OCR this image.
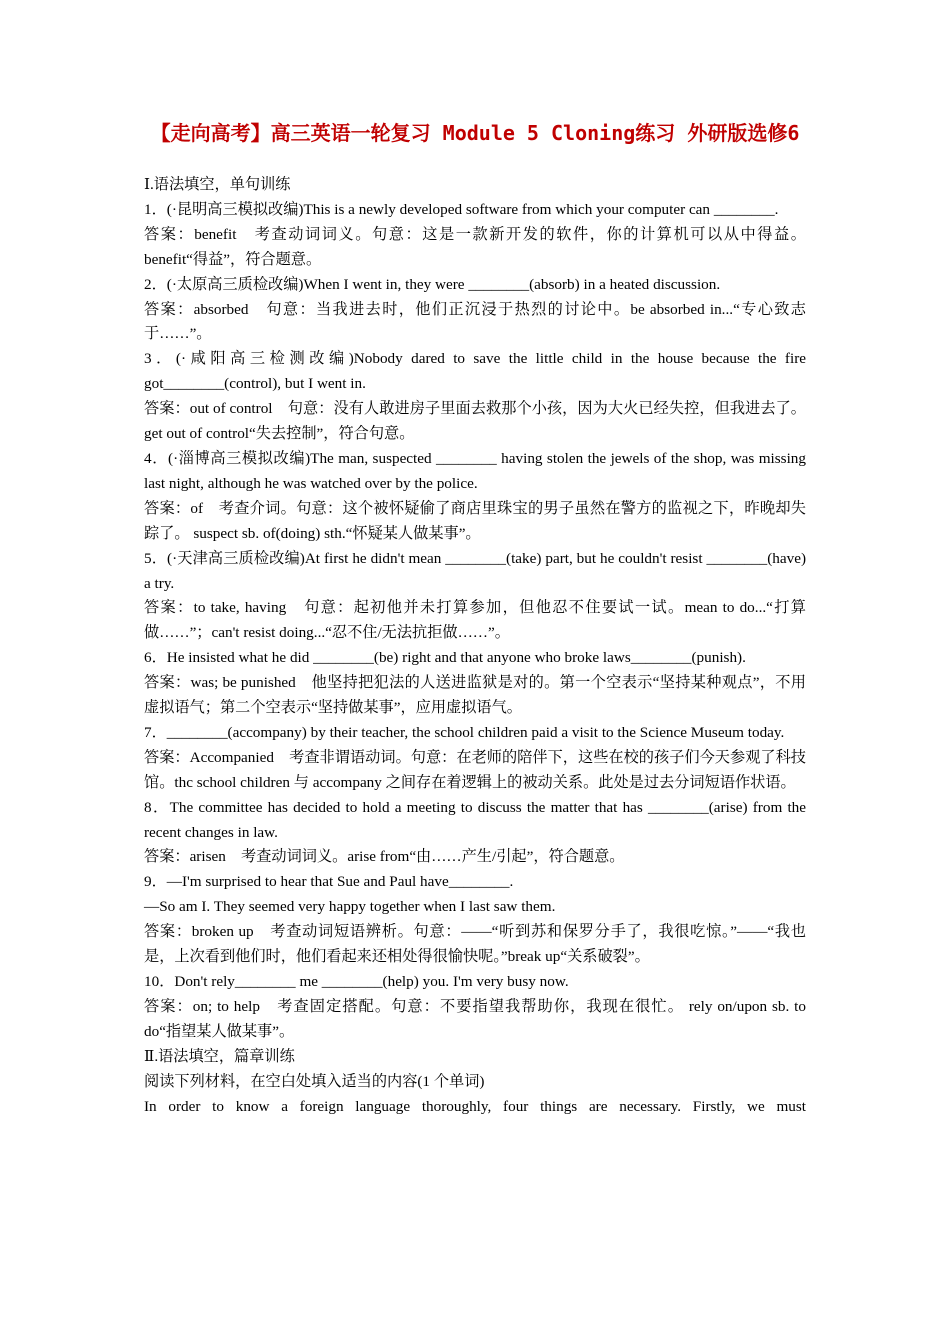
【走向高考】高三英语一轮复习 Module 5 Cloning练习 外研版选修6

Ⅰ.语法填空，单句训练

1．(·昆明高三模拟改编)This is a newly developed software from which your computer can ________.

答案：benefit　考查动词词义。句意：这是一款新开发的软件，你的计算机可以从中得益。benefit“得益”，符合题意。

2．(·太原高三质检改编)When I went in, they were ________(absorb) in a heated discussion.

答案：absorbed　句意：当我进去时，他们正沉浸于热烈的讨论中。be absorbed in...“专心致志于……”。

3．(·咸阳高三检测改编)Nobody dared to save the little child in the house because the fire got________(control), but I went in.

答案：out of control　句意：没有人敢进房子里面去救那个小孩，因为大火已经失控，但我进去了。get out of control“失去控制”，符合句意。

4．(·淄博高三模拟改编)The man, suspected ________ having stolen the jewels of the shop, was missing last night, although he was watched over by the police.

答案：of　考查介词。句意：这个被怀疑偷了商店里珠宝的男子虽然在警方的监视之下，昨晚却失踪了。 suspect sb. of(doing) sth.“怀疑某人做某事”。

5．(·天津高三质检改编)At first he didn't mean ________(take) part, but he couldn't resist ________(have) a try.

答案：to take, having　句意：起初他并未打算参加，但他忍不住要试一试。mean to do...“打算做……”；can't resist doing...“忍不住/无法抗拒做……”。

6．He insisted what he did ________(be) right and that anyone who broke laws________(punish).

答案：was; be punished　他坚持把犯法的人送进监狱是对的。第一个空表示“坚持某种观点”，不用虚拟语气；第二个空表示“坚持做某事”，应用虚拟语气。

7．________(accompany) by their teacher, the school children paid a visit to the Science Museum today.

答案：Accompanied　考查非谓语动词。句意：在老师的陪伴下，这些在校的孩子们今天参观了科技馆。thc school children 与 accompany 之间存在着逻辑上的被动关系。此处是过去分词短语作状语。

8．The committee has decided to hold a meeting to discuss the matter that has ________(arise) from the recent changes in law.

答案：arisen　考查动词词义。arise from“由……产生/引起”，符合题意。

9．—I'm surprised to hear that Sue and Paul have________.

—So am I. They seemed very happy together when I last saw them.

答案：broken up　考查动词短语辨析。句意：——“听到苏和保罗分手了，我很吃惊。”——“我也是，上次看到他们时，他们看起来还相处得很愉快呢。”break up“关系破裂”。

10．Don't rely________ me ________(help) you. I'm very busy now.

答案：on; to help　考查固定搭配。句意：不要指望我帮助你，我现在很忙。 rely on/upon sb. to do“指望某人做某事”。

Ⅱ.语法填空，篇章训练

阅读下列材料，在空白处填入适当的内容(1 个单词)

In order to know a foreign language thoroughly, four things are necessary. Firstly, we must
